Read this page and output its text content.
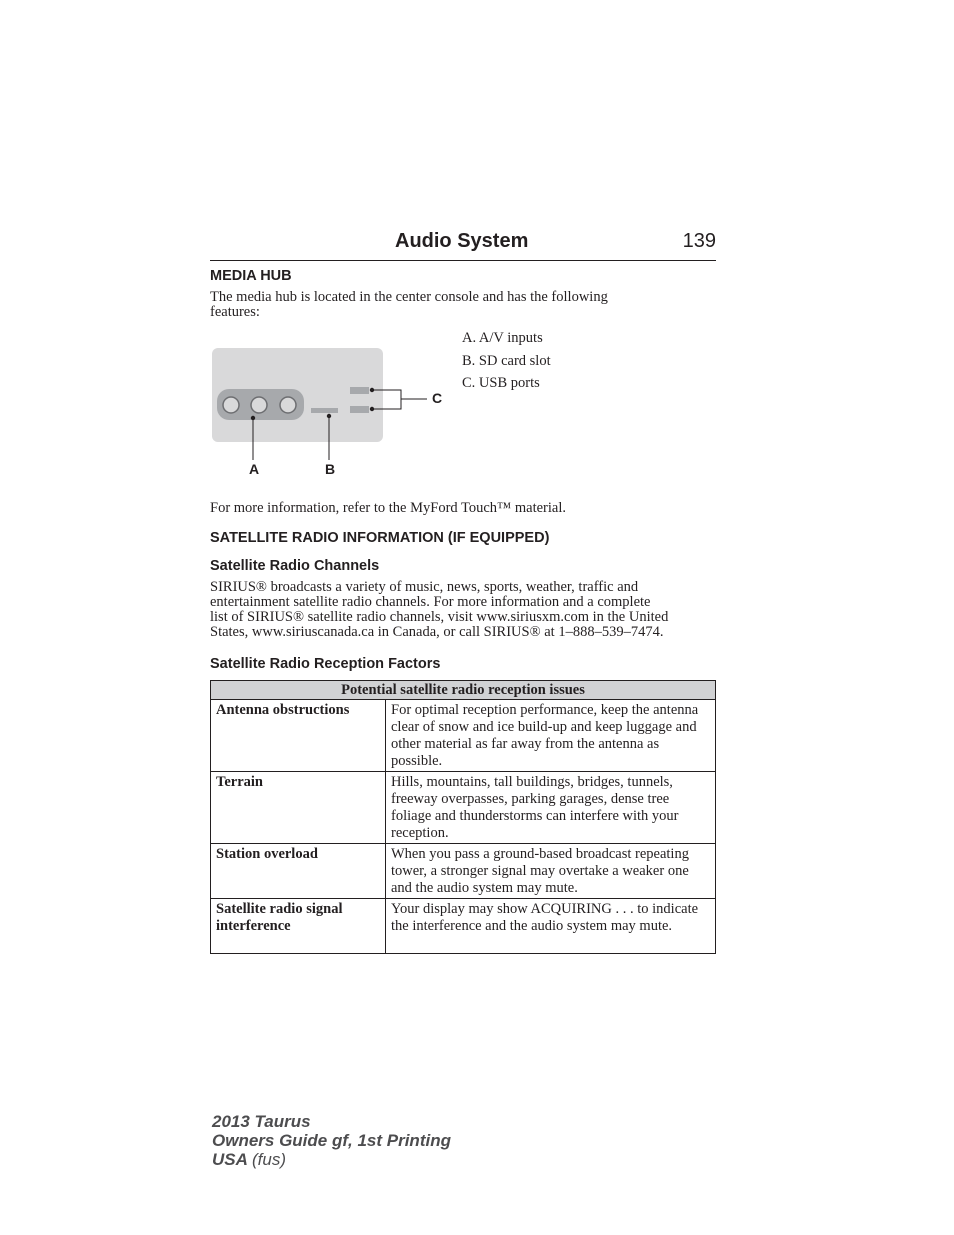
Audio System	139
MEDIA HUB
The media hub is located in the center console and has the following
features:
A. A/V inputs
B. SD card slot
C. USB ports
A	B
C
For more information, refer to the MyFord Touch™ material.
SATELLITE RADIO INFORMATION (IF EQUIPPED)
Satellite Radio Channels
SIRIUS® broadcasts a variety of music, news, sports, weather, traffic and
entertainment satellite radio channels. For more information and a complete
list of SIRIUS® satellite radio channels, visit www.siriusxm.com in the United
States, www.siriuscanada.ca in Canada, or call SIRIUS® at 1–888–539–7474.
Satellite Radio Reception Factors
Potential satellite radio reception issues	
Antenna obstructions	For optimal reception performance, keep the antenna clear of snow and ice build-up and keep luggage and other material as far away from the antenna as possible.
Terrain	Hills, mountains, tall buildings, bridges, tunnels, freeway overpasses, parking garages, dense tree foliage and thunderstorms can interfere with your reception.
Station overload	When you pass a ground-based broadcast repeating tower, a stronger signal may overtake a weaker one and the audio system may mute.
Satellite radio signal interference	Your display may show ACQUIRING . . . to indicate the interference and the audio system may mute.
2013 Taurus
Owners Guide gf, 1st Printing
USA (fus)
